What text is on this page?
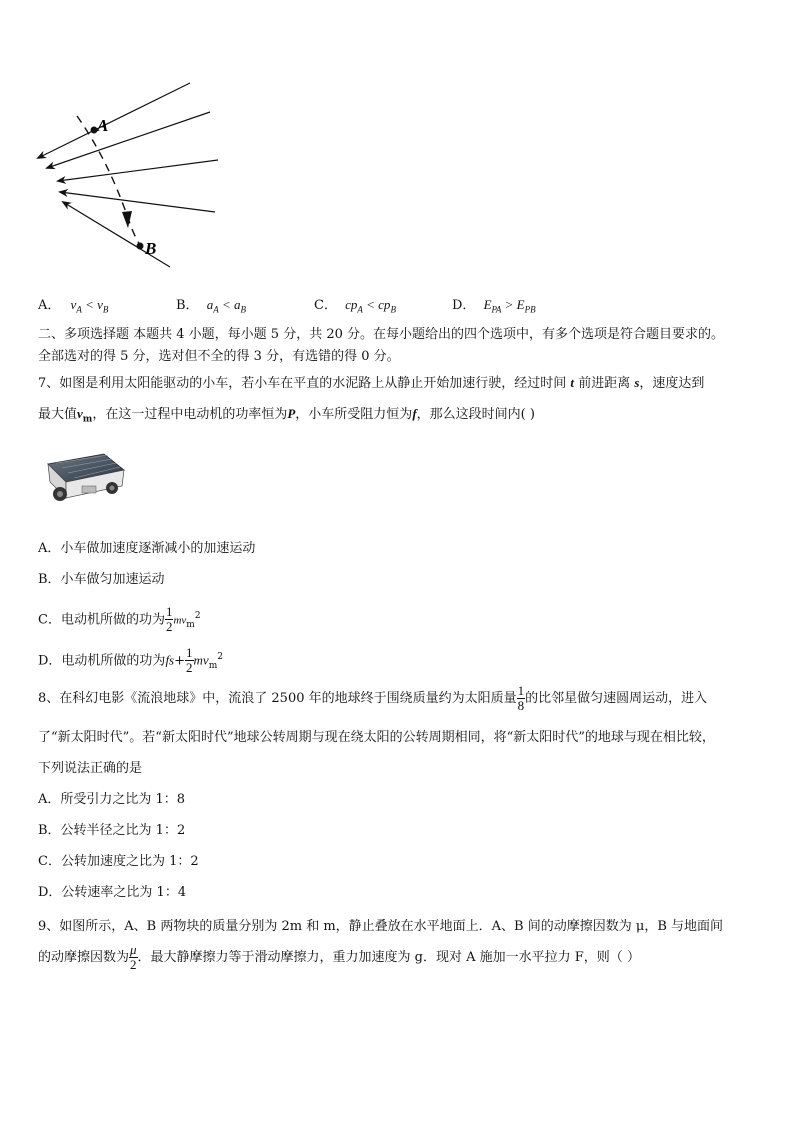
A
B
A． $v_A < v_B$	B． $a_A < a_B$	C． $cp_A < cp_B$	D． $E_{PA} > E_{PB}$
二、多项选择题 本题共 4 小题，每小题 5 分，共 20 分。在每小题给出的四个选项中，有多个选项是符合题目要求的。
全部选对的得 5 分，选对但不全的得 3 分，有选错的得 0 分。
7、如图是利用太阳能驱动的小车，若小车在平直的水泥路上从静止开始加速行驶，经过时间 t 前进距离 s，速度达到
最大值$v_m$，在这一过程中电动机的功率恒为P，小车所受阻力恒为f，那么这段时间内( )
A．小车做加速度逐渐减小的加速运动
B．小车做匀加速运动
C．电动机所做的功为 $\frac{1}{2} mv_m^2$
D．电动机所做的功为$fs+ \frac{1}{2} mv_m^2$
8、在科幻电影《流浪地球》中，流浪了 2500 年的地球终于围绕质量约为太阳质量 $\frac{1}{8}$ 的比邻星做匀速圆周运动，进入
了“新太阳时代”。若“新太阳时代”地球公转周期与现在绕太阳的公转周期相同，将“新太阳时代”的地球与现在相比较，
下列说法正确的是
A．所受引力之比为 1：8
B．公转半径之比为 1：2
C．公转加速度之比为 1：2
D．公转速率之比为 1：4
9、如图所示，A、B 两物块的质量分别为 2m 和 m，静止叠放在水平地面上．A、B 间的动摩擦因数为 μ，B 与地面间
的动摩擦因数为 $\frac{\mu}{2}$ ．最大静摩擦力等于滑动摩擦力，重力加速度为 g．现对 A 施加一水平拉力 F，则（ ）
